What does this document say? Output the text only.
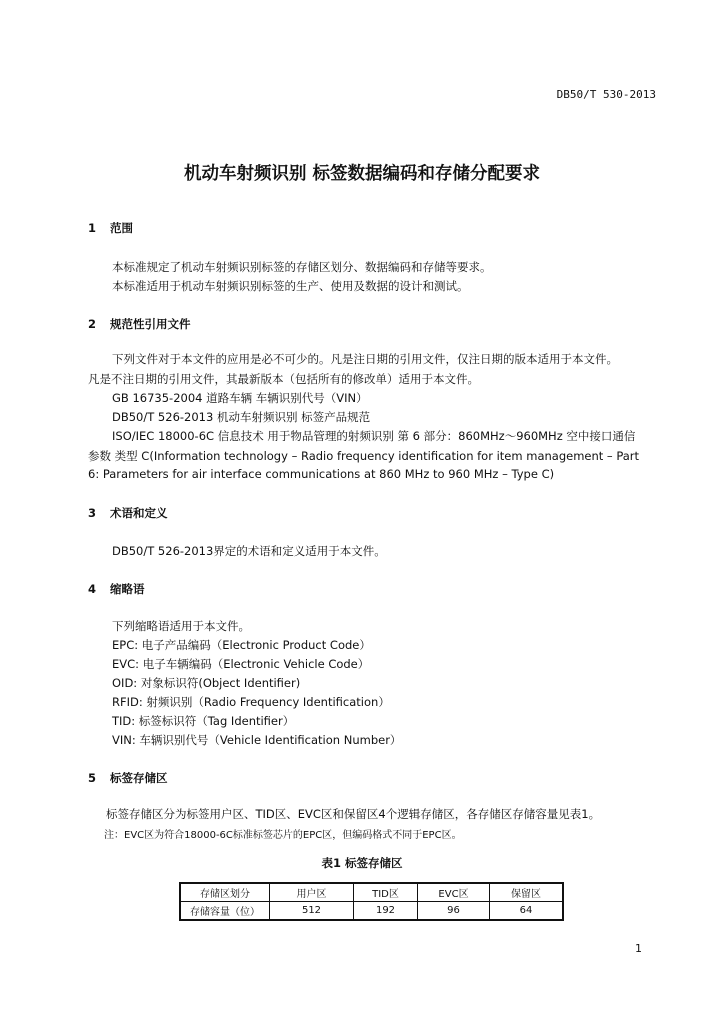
DB50/T 530-2013
机动车射频识别 标签数据编码和存储分配要求
1 范围
本标准规定了机动车射频识别标签的存储区划分、数据编码和存储等要求。
本标准适用于机动车射频识别标签的生产、使用及数据的设计和测试。
2 规范性引用文件
下列文件对于本文件的应用是必不可少的。凡是注日期的引用文件，仅注日期的版本适用于本文件。
凡是不注日期的引用文件，其最新版本（包括所有的修改单）适用于本文件。
GB 16735-2004 道路车辆 车辆识别代号（VIN）
DB50/T 526-2013 机动车射频识别 标签产品规范
ISO/IEC 18000-6C 信息技术 用于物品管理的射频识别 第 6 部分：860MHz～960MHz 空中接口通信
参数 类型 C(Information technology – Radio frequency identification for item management – Part
6: Parameters for air interface communications at 860 MHz to 960 MHz – Type C)
3 术语和定义
DB50/T 526-2013界定的术语和定义适用于本文件。
4 缩略语
下列缩略语适用于本文件。
EPC: 电子产品编码（Electronic Product Code）
EVC: 电子车辆编码（Electronic Vehicle Code）
OID: 对象标识符(Object Identifier)
RFID: 射频识别（Radio Frequency Identification）
TID: 标签标识符（Tag Identifier）
VIN: 车辆识别代号（Vehicle Identification Number）
5 标签存储区
标签存储区分为标签用户区、TID区、EVC区和保留区4个逻辑存储区，各存储区存储容量见表1。
注：EVC区为符合18000-6C标准标签芯片的EPC区，但编码格式不同于EPC区。
表1 标签存储区
存储区划分	用户区	TID区	EVC区	保留区
存储容量（位）	512	192	96	64
1
